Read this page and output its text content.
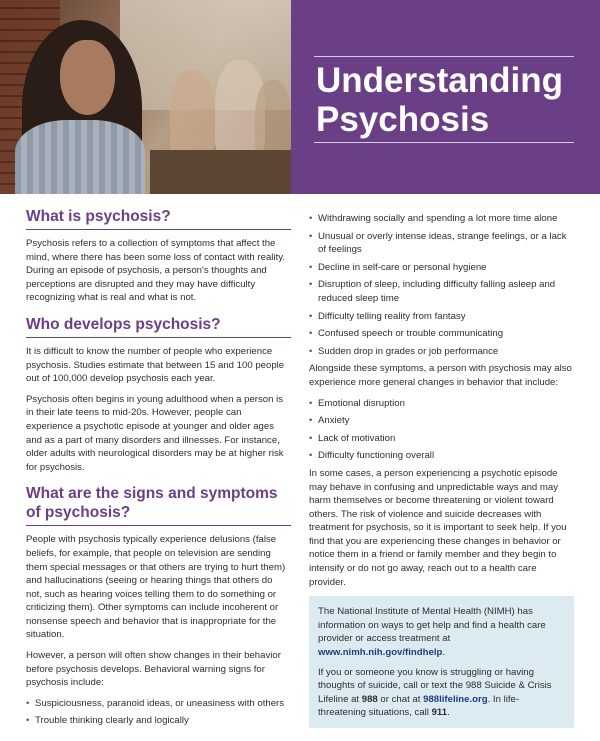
Understanding
Psychosis
What is psychosis?

Psychosis refers to a collection of symptoms that affect the mind, where there has been some loss of contact with reality. During an episode of psychosis, a person's thoughts and perceptions are disrupted and they may have difficulty recognizing what is real and what is not.

Who develops psychosis?

It is difficult to know the number of people who experience psychosis. Studies estimate that between 15 and 100 people out of 100,000 develop psychosis each year.

Psychosis often begins in young adulthood when a person is in their late teens to mid-20s. However, people can experience a psychotic episode at younger and older ages and as a part of many disorders and illnesses. For instance, older adults with neurological disorders may be at higher risk for psychosis.

What are the signs and symptoms of psychosis?

People with psychosis typically experience delusions (false beliefs, for example, that people on television are sending them special messages or that others are trying to hurt them) and hallucinations (seeing or hearing things that others do not, such as hearing voices telling them to do something or criticizing them). Other symptoms can include incoherent or nonsense speech and behavior that is inappropriate for the situation.

However, a person will often show changes in their behavior before psychosis develops. Behavioral warning signs for psychosis include:

• Suspiciousness, paranoid ideas, or uneasiness with others
• Trouble thinking clearly and logically
• Withdrawing socially and spending a lot more time alone
• Unusual or overly intense ideas, strange feelings, or a lack of feelings
• Decline in self-care or personal hygiene
• Disruption of sleep, including difficulty falling asleep and reduced sleep time
• Difficulty telling reality from fantasy
• Confused speech or trouble communicating
• Sudden drop in grades or job performance

Alongside these symptoms, a person with psychosis may also experience more general changes in behavior that include:

• Emotional disruption
• Anxiety
• Lack of motivation
• Difficulty functioning overall

In some cases, a person experiencing a psychotic episode may behave in confusing and unpredictable ways and may harm themselves or become threatening or violent toward others. The risk of violence and suicide decreases with treatment for psychosis, so it is important to seek help. If you find that you are experiencing these changes in behavior or notice them in a friend or family member and they begin to intensify or do not go away, reach out to a health care provider.

The National Institute of Mental Health (NIMH) has information on ways to get help and find a health care provider or access treatment at www.nimh.nih.gov/findhelp.

If you or someone you know is struggling or having thoughts of suicide, call or text the 988 Suicide & Crisis Lifeline at 988 or chat at 988lifeline.org. In life-threatening situations, call 911.
